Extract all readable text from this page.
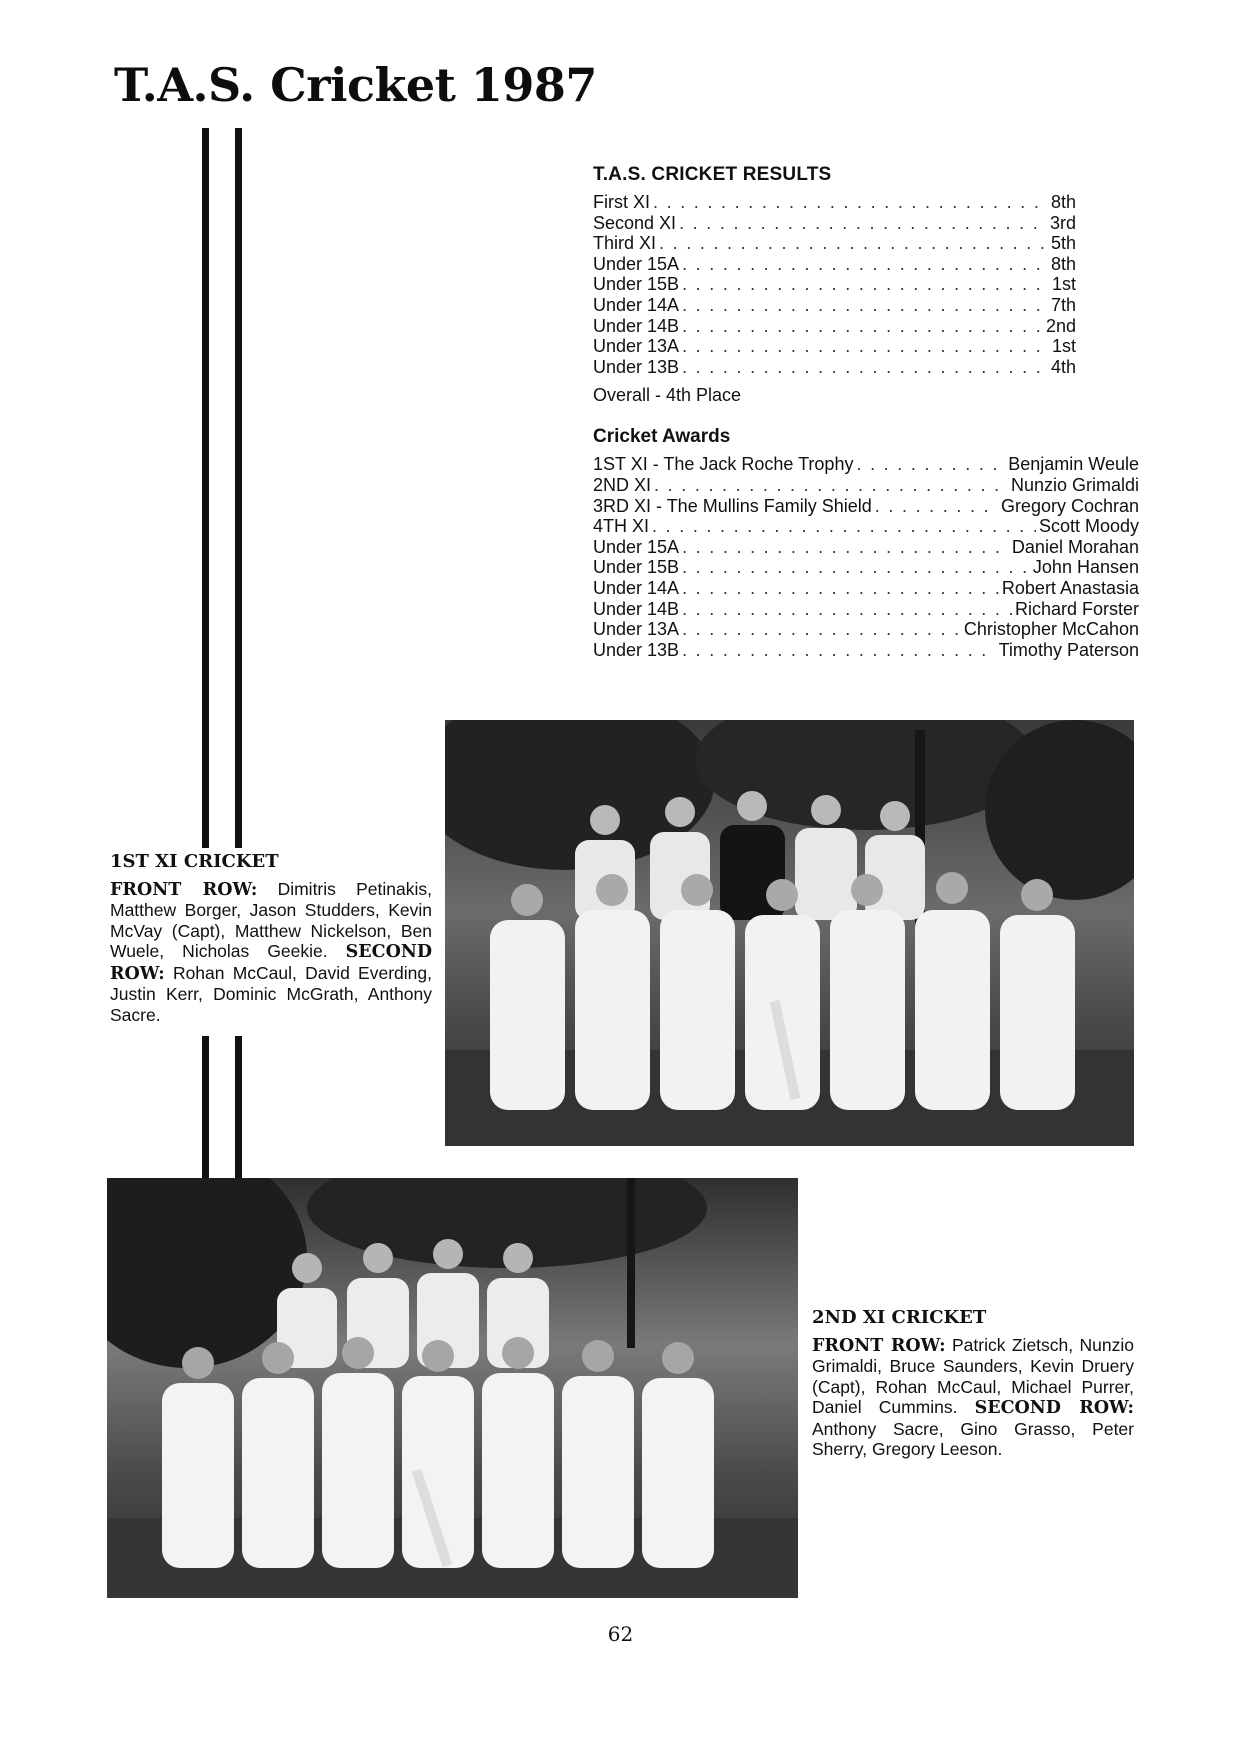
T.A.S. Cricket 1987
T.A.S. CRICKET RESULTS
First XI . . .	8th
Second XI . . .	3rd
Third XI . . .	5th
Under 15A . . .	8th
Under 15B . . .	1st
Under 14A . . .	7th
Under 14B . . .	2nd
Under 13A . . .	1st
Under 13B . . .	4th
Overall - 4th Place
Cricket Awards
1ST XI - The Jack Roche Trophy . . .	Benjamin Weule
2ND XI . . .	Nunzio Grimaldi
3RD XI - The Mullins Family Shield . . .	Gregory Cochran
4TH XI . . .	Scott Moody
Under 15A . . .	Daniel Morahan
Under 15B . . .	John Hansen
Under 14A . . .	Robert Anastasia
Under 14B . . .	Richard Forster
Under 13A . . .	Christopher McCahon
Under 13B . . .	Timothy Paterson
1ST XI CRICKET
FRONT ROW: Dimitris Petinakis, Matthew Borger, Jason Studders, Kevin McVay (Capt), Matthew Nickelson, Ben Wuele, Nicholas Geekie. SECOND ROW: Rohan McCaul, David Everding, Justin Kerr, Dominic McGrath, Anthony Sacre.
2ND XI CRICKET
FRONT ROW: Patrick Zietsch, Nunzio Grimaldi, Bruce Saunders, Kevin Druery (Capt), Rohan McCaul, Michael Purrer, Daniel Cummins. SECOND ROW: Anthony Sacre, Gino Grasso, Peter Sherry, Gregory Leeson.
62
